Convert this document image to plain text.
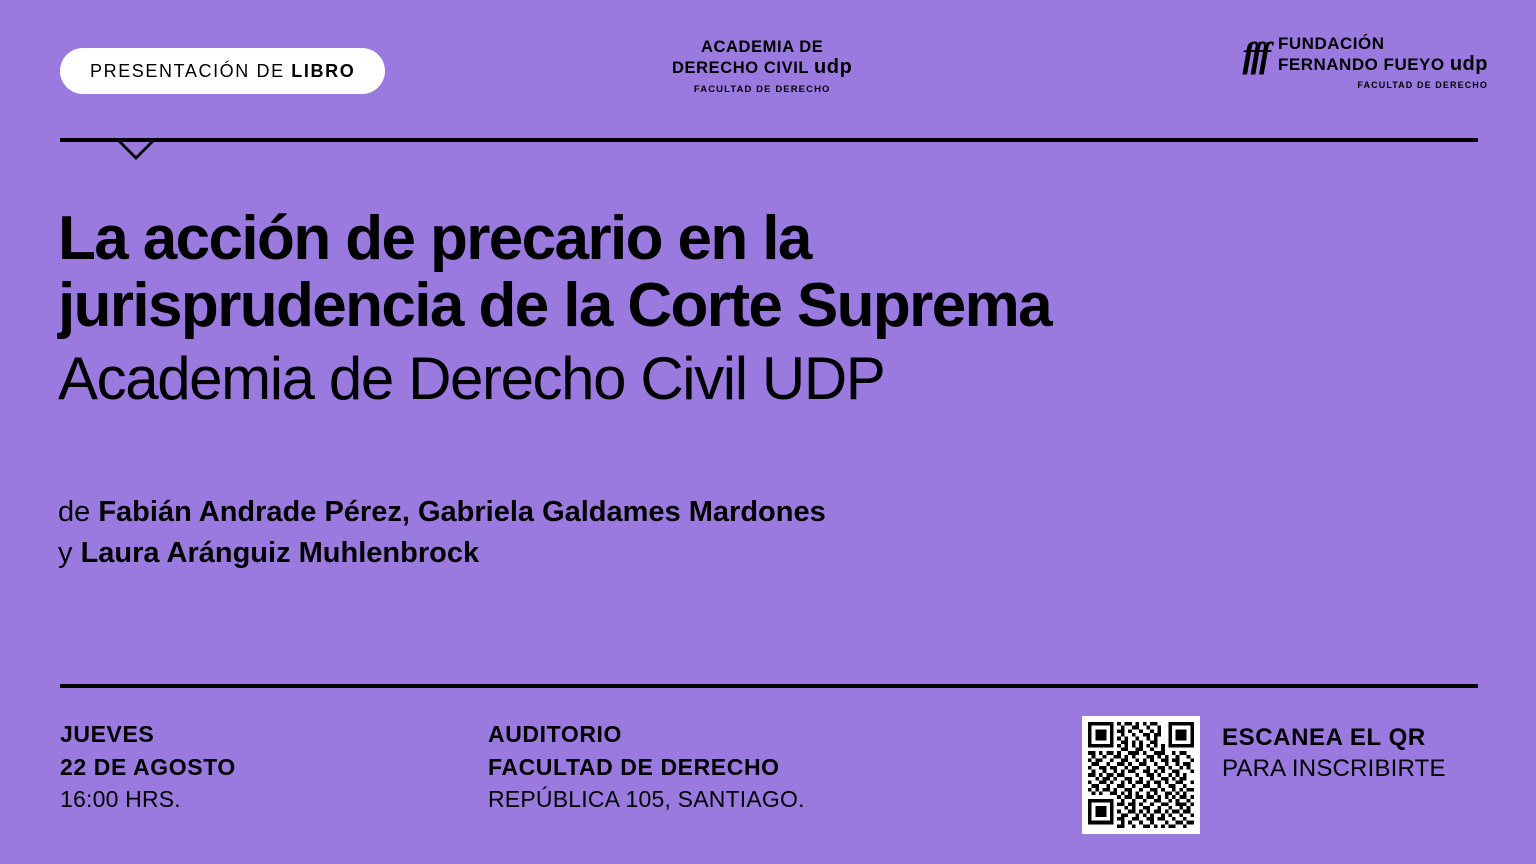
PRESENTACIÓN DE LIBRO
ACADEMIA DE
DERECHO CIVIL udp
FACULTAD DE DERECHO
fff FUNDACIÓN
FERNANDO FUEYO udp
FACULTAD DE DERECHO
La acción de precario en la
jurisprudencia de la Corte Suprema

Academia de Derecho Civil UDP

de Fabián Andrade Pérez, Gabriela Galdames Mardones
y Laura Aránguiz Muhlenbrock
JUEVES
22 DE AGOSTO
16:00 HRS.
AUDITORIO
FACULTAD DE DERECHO
REPÚBLICA 105, SANTIAGO.
ESCANEA EL QR
PARA INSCRIBIRTE
